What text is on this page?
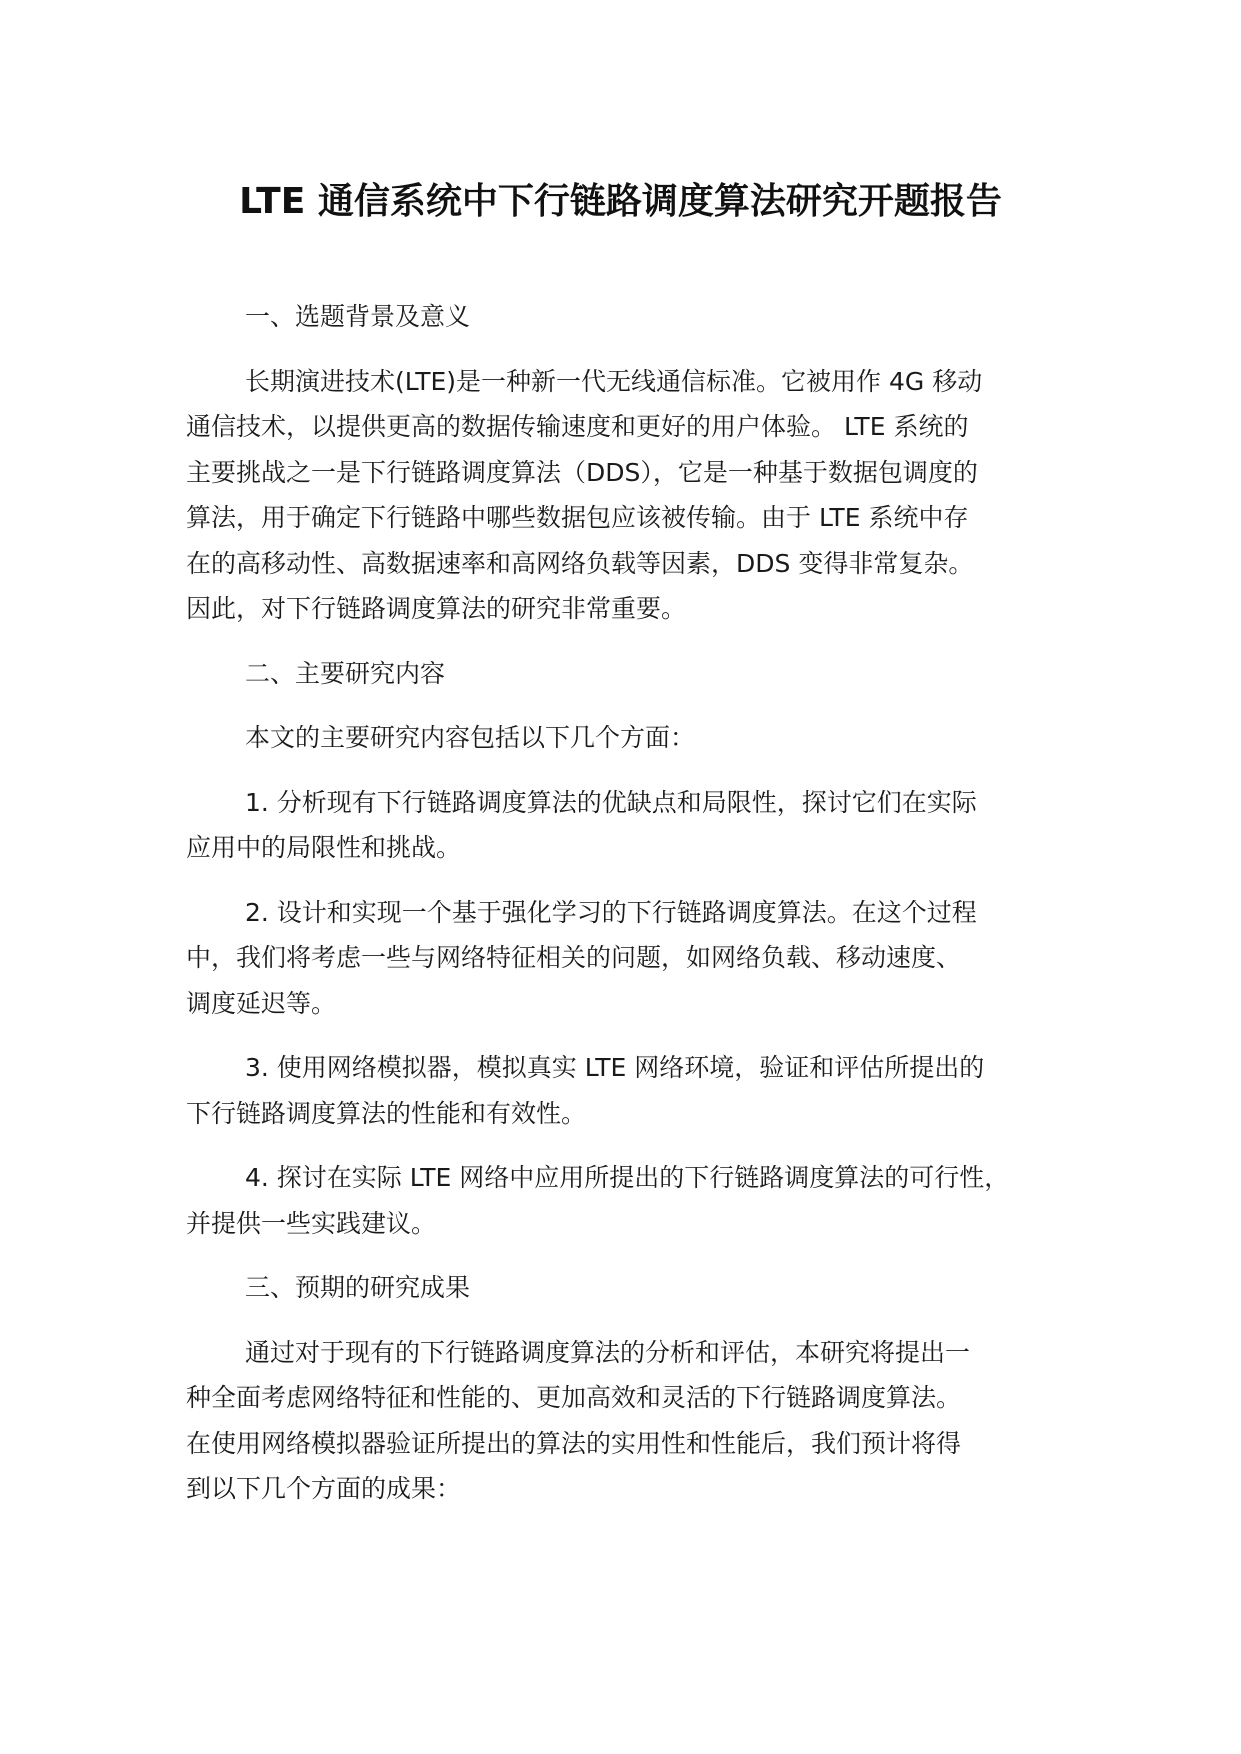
LTE 通信系统中下行链路调度算法研究开题报告
一、选题背景及意义
长期演进技术(LTE)是一种新一代无线通信标准。它被用作 4G 移动
通信技术，以提供更高的数据传输速度和更好的用户体验。 LTE 系统的
主要挑战之一是下行链路调度算法（DDS），它是一种基于数据包调度的
算法，用于确定下行链路中哪些数据包应该被传输。由于 LTE 系统中存
在的高移动性、高数据速率和高网络负载等因素，DDS 变得非常复杂。
因此，对下行链路调度算法的研究非常重要。
二、主要研究内容
本文的主要研究内容包括以下几个方面：
1. 分析现有下行链路调度算法的优缺点和局限性，探讨它们在实际
应用中的局限性和挑战。
2. 设计和实现一个基于强化学习的下行链路调度算法。在这个过程
中，我们将考虑一些与网络特征相关的问题，如网络负载、移动速度、
调度延迟等。
3. 使用网络模拟器，模拟真实 LTE 网络环境，验证和评估所提出的
下行链路调度算法的性能和有效性。
4. 探讨在实际 LTE 网络中应用所提出的下行链路调度算法的可行性，
并提供一些实践建议。
三、预期的研究成果
通过对于现有的下行链路调度算法的分析和评估，本研究将提出一
种全面考虑网络特征和性能的、更加高效和灵活的下行链路调度算法。
在使用网络模拟器验证所提出的算法的实用性和性能后，我们预计将得
到以下几个方面的成果：
